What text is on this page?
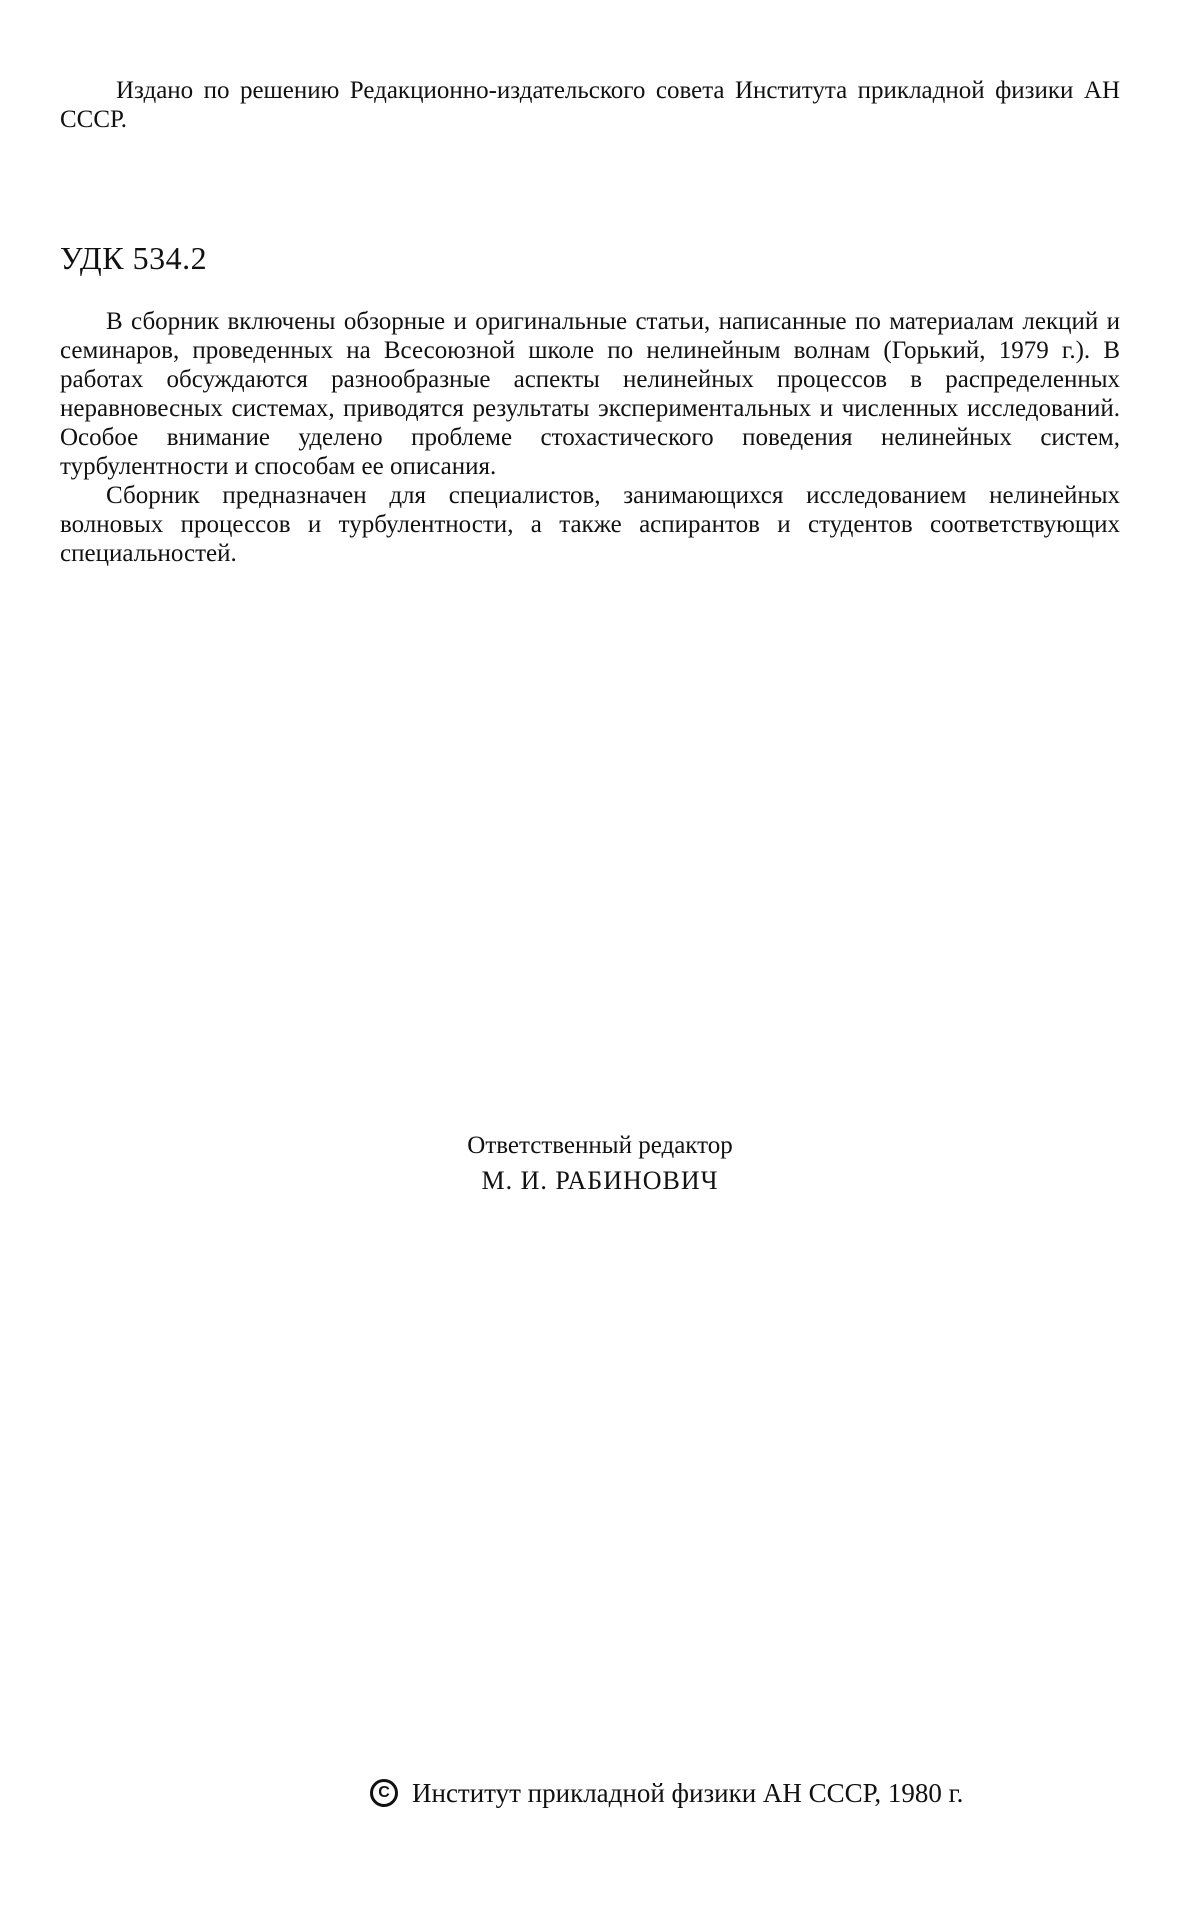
Издано по решению Редакционно-издательского совета Института прикладной физики АН СССР.

УДК 534.2

В сборник включены обзорные и оригинальные статьи, написанные по материалам лекций и семинаров, проведенных на Всесоюзной школе по нелинейным волнам (Горький, 1979 г.). В работах обсуждаются разнообразные аспекты нелинейных процессов в распределенных неравновесных системах, приводятся результаты экспериментальных и численных исследований. Особое внимание уделено проблеме стохастического поведения нелинейных систем, турбулентности и способам ее описания.

Сборник предназначен для специалистов, занимающихся исследованием нелинейных волновых процессов и турбулентности, а также аспирантов и студентов соответствующих специальностей.

Ответственный редактор
М. И. РАБИНОВИЧ
C Институт прикладной физики АН СССР, 1980 г.
